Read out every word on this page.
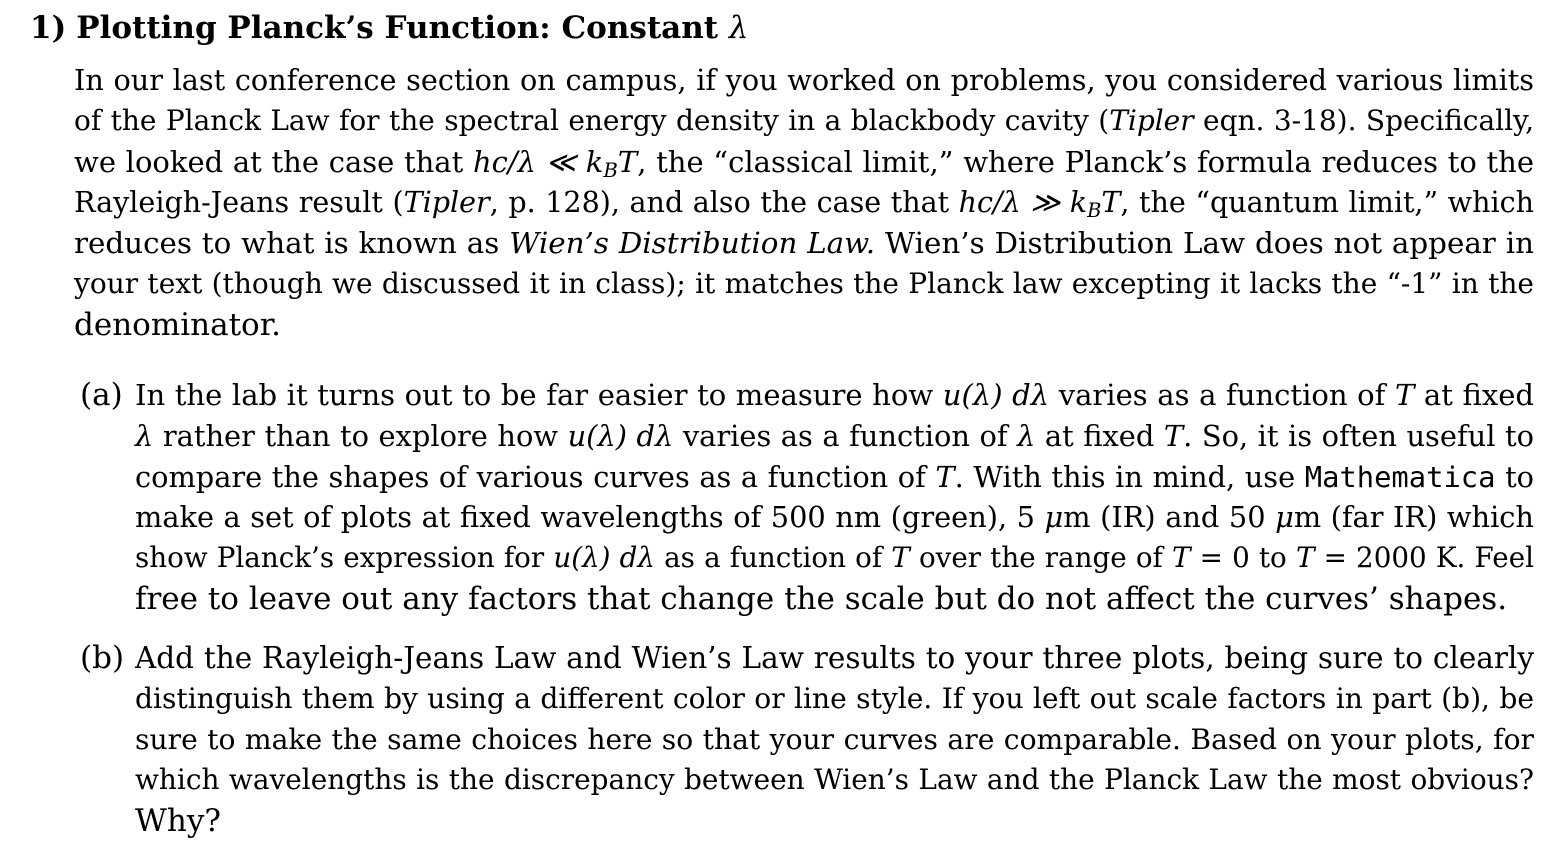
1) Plotting Planck’s Function: Constant λ
In our last conference section on campus, if you worked on problems, you considered various limits
of the Planck Law for the spectral energy density in a blackbody cavity (Tipler eqn. 3-18). Specifically,
we looked at the case that hc/λ ≪ $k_BT$, the “classical limit,” where Planck’s formula reduces to the
Rayleigh-Jeans result (Tipler, p. 128), and also the case that hc/λ ≫ $k_BT$, the “quantum limit,” which
reduces to what is known as Wien’s Distribution Law. Wien’s Distribution Law does not appear in
your text (though we discussed it in class); it matches the Planck law excepting it lacks the “-1” in the
denominator.
(a) In the lab it turns out to be far easier to measure how u(λ) dλ varies as a function of T at fixed
λ rather than to explore how u(λ) dλ varies as a function of λ at fixed T. So, it is often useful to
compare the shapes of various curves as a function of T. With this in mind, use Mathematica to
make a set of plots at fixed wavelengths of 500 nm (green), 5 μm (IR) and 50 μm (far IR) which
show Planck’s expression for u(λ) dλ as a function of T over the range of T = 0 to T = 2000 K. Feel
free to leave out any factors that change the scale but do not affect the curves’ shapes.
(b) Add the Rayleigh-Jeans Law and Wien’s Law results to your three plots, being sure to clearly
distinguish them by using a different color or line style. If you left out scale factors in part (b), be
sure to make the same choices here so that your curves are comparable. Based on your plots, for
which wavelengths is the discrepancy between Wien’s Law and the Planck Law the most obvious?
Why?
